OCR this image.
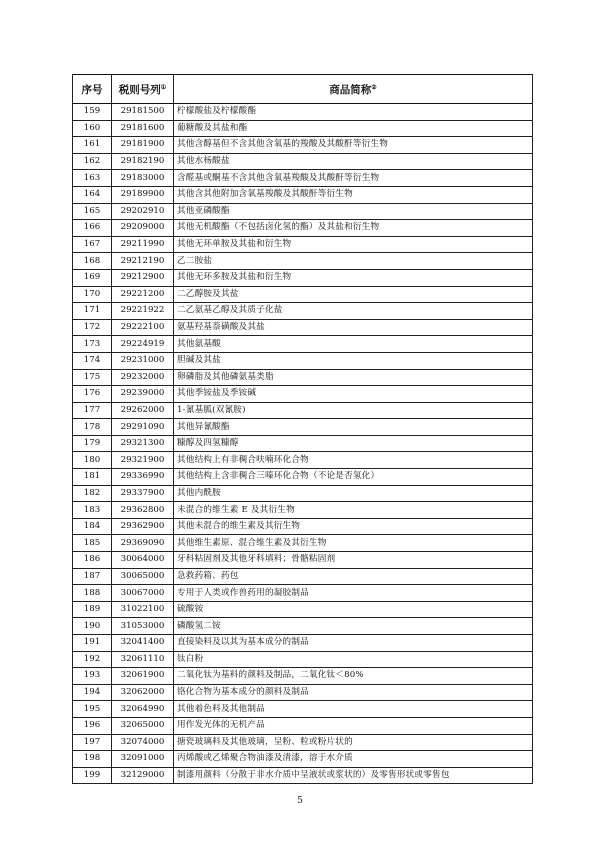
序号	税则号列①	商品简称②
159	29181500	柠檬酸盐及柠檬酸酯
160	29181600	葡糖酸及其盐和酯
161	29181900	其他含醇基但不含其他含氧基的羧酸及其酸酐等衍生物
162	29182190	其他水杨酸盐
163	29183000	含醛基或酮基不含其他含氧基羧酸及其酸酐等衍生物
164	29189900	其他含其他附加含氧基羧酸及其酸酐等衍生物
165	29202910	其他亚磷酸酯
166	29209000	其他无机酸酯（不包括卤化氢的酯）及其盐和衍生物
167	29211990	其他无环单胺及其盐和衍生物
168	29212190	乙二胺盐
169	29212900	其他无环多胺及其盐和衍生物
170	29221200	二乙醇胺及其盐
171	29221922	二乙氨基乙醇及其质子化盐
172	29222100	氨基羟基萘磺酸及其盐
173	29224919	其他氨基酸
174	29231000	胆碱及其盐
175	29232000	卵磷脂及其他磷氨基类脂
176	29239000	其他季铵盐及季铵碱
177	29262000	1-氰基胍(双氰胺)
178	29291090	其他异氰酸酯
179	29321300	糠醇及四氢糠醇
180	29321900	其他结构上有非稠合呋喃环化合物
181	29336990	其他结构上含非稠合三嗪环化合物（不论是否氢化）
182	29337900	其他内酰胺
183	29362800	未混合的维生素 E 及其衍生物
184	29362900	其他未混合的维生素及其衍生物
185	29369090	其他维生素原、混合维生素及其衍生物
186	30064000	牙科粘固剂及其他牙科填料；骨骼粘固剂
187	30065000	急救药箱、药包
188	30067000	专用于人类或作兽药用的凝胶制品
189	31022100	硫酸铵
190	31053000	磷酸氢二铵
191	32041400	直接染料及以其为基本成分的制品
192	32061110	钛白粉
193	32061900	二氧化钛为基料的颜料及制品，二氧化钛＜80%
194	32062000	铬化合物为基本成分的颜料及制品
195	32064990	其他着色料及其他制品
196	32065000	用作发光体的无机产品
197	32074000	搪瓷玻璃料及其他玻璃，呈粉、粒或粉片状的
198	32091000	丙烯酸或乙烯聚合物油漆及清漆，溶于水介质
199	32129000	制漆用颜料（分散于非水介质中呈液状或浆状的）及零售形状或零售包
5
